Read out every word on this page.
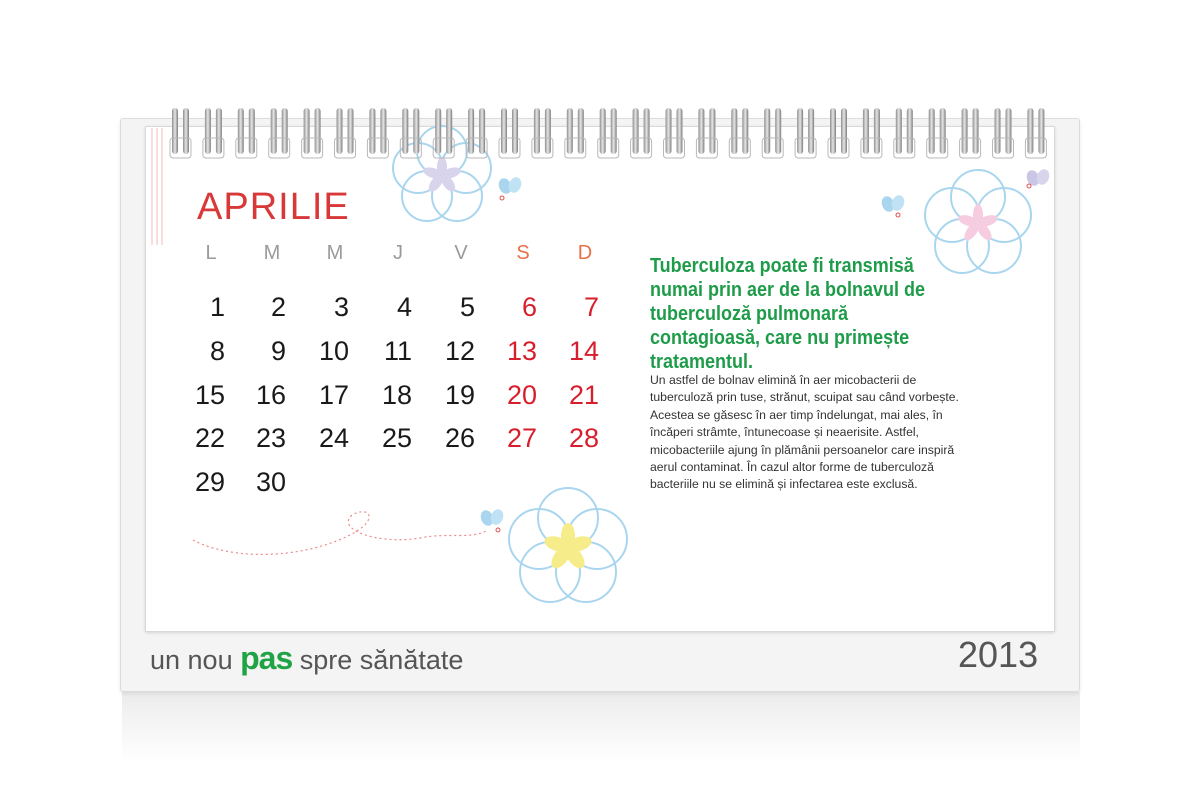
APRILIE
L	M	M	J	V	S	D
1	2	3	4	5	6	7
8	9	10	11	12	13	14
15	16	17	18	19	20	21
22	23	24	25	26	27	28
29	30
Tuberculoza poate fi transmisă numai prin aer de la bolnavul de tuberculoză pulmonară contagioasă, care nu primește tratamentul.
Un astfel de bolnav elimină în aer micobacterii de tuberculoză prin tuse, strănut, scuipat sau când vorbește. Acestea se găsesc în aer timp îndelungat, mai ales, în încăperi strâmte, întunecoase și neaerisite. Astfel, micobacteriile ajung în plămânii persoanelor care inspiră aerul contaminat. În cazul altor forme de tuberculoză bacteriile nu se elimină și infectarea este exclusă.
un nou pas spre sănătate	2013
